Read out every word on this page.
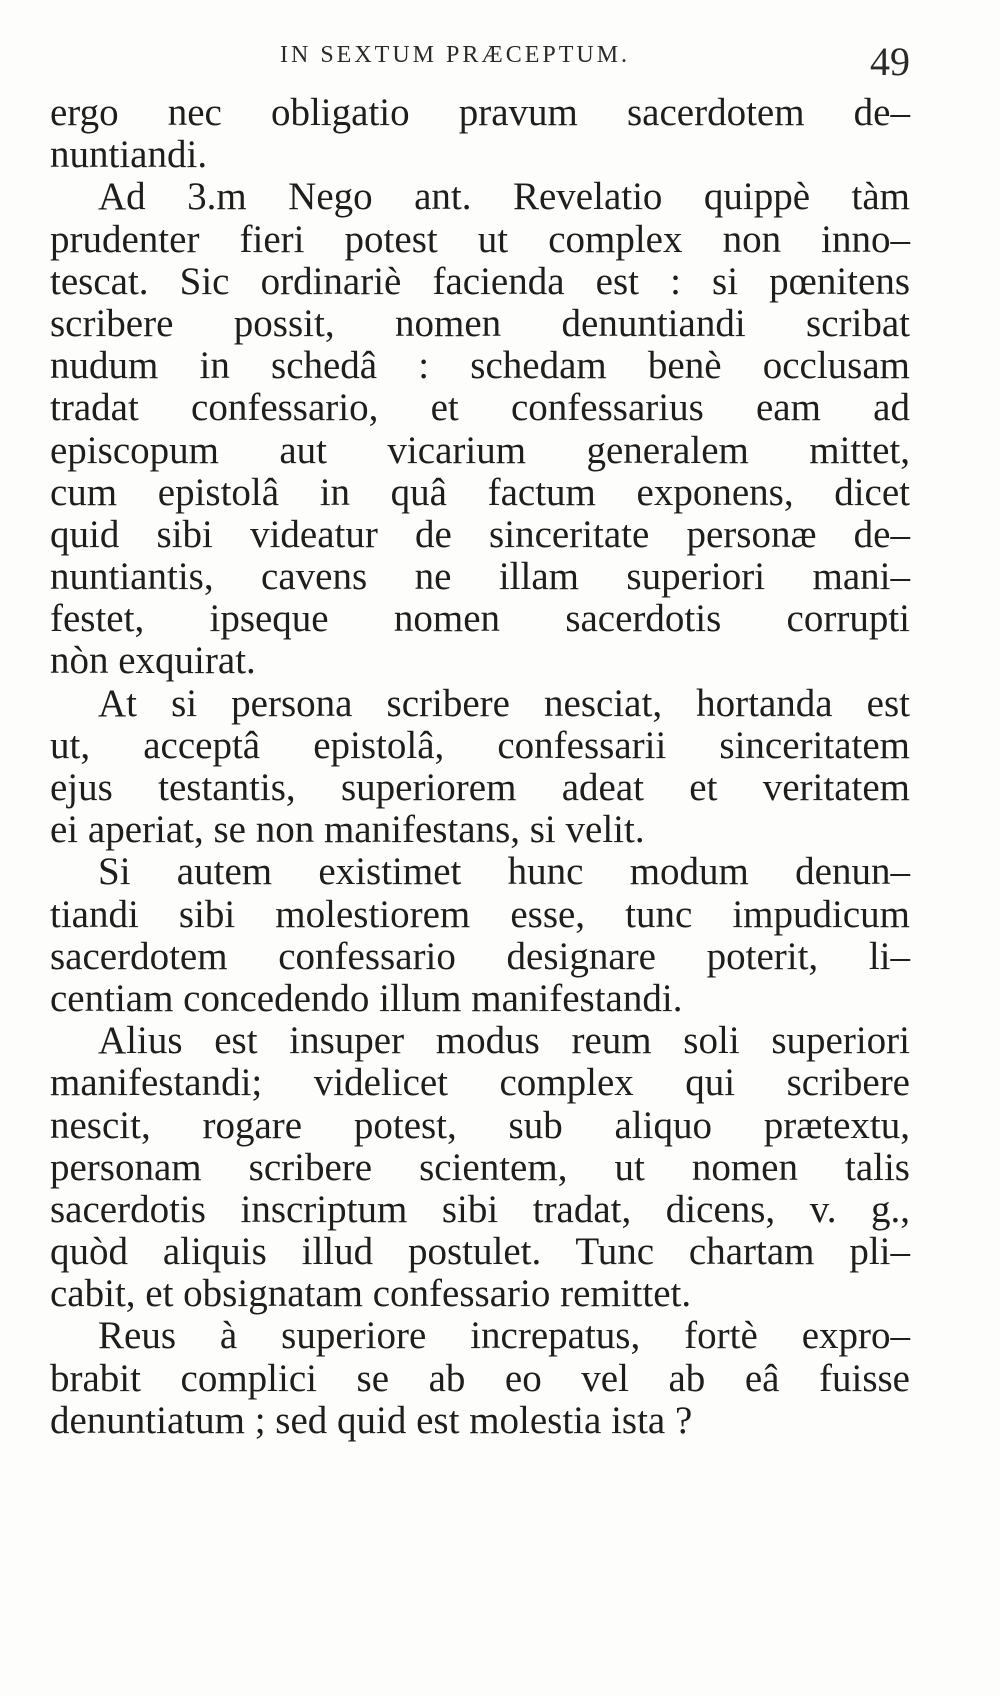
IN SEXTUM PRÆCEPTUM.	49
ergo nec obligatio pravum sacerdotem de–
nuntiandi.
Ad 3.m Nego ant. Revelatio quippè tàm
prudenter fieri potest ut complex non inno–
tescat. Sic ordinariè facienda est : si pœnitens
scribere possit, nomen denuntiandi scribat
nudum in schedâ : schedam benè occlusam
tradat confessario, et confessarius eam ad
episcopum aut vicarium generalem mittet,
cum epistolâ in quâ factum exponens, dicet
quid sibi videatur de sinceritate personæ de–
nuntiantis, cavens ne illam superiori mani–
festet, ipseque nomen sacerdotis corrupti
nòn exquirat.
At si persona scribere nesciat, hortanda est
ut, acceptâ epistolâ, confessarii sinceritatem
ejus testantis, superiorem adeat et veritatem
ei aperiat, se non manifestans, si velit.
Si autem existimet hunc modum denun–
tiandi sibi molestiorem esse, tunc impudicum
sacerdotem confessario designare poterit, li–
centiam concedendo illum manifestandi.
Alius est insuper modus reum soli superiori
manifestandi; videlicet complex qui scribere
nescit, rogare potest, sub aliquo prætextu,
personam scribere scientem, ut nomen talis
sacerdotis inscriptum sibi tradat, dicens, v. g.,
quòd aliquis illud postulet. Tunc chartam pli–
cabit, et obsignatam confessario remittet.
Reus à superiore increpatus, fortè expro–
brabit complici se ab eo vel ab eâ fuisse
denuntiatum ; sed quid est molestia ista ?
